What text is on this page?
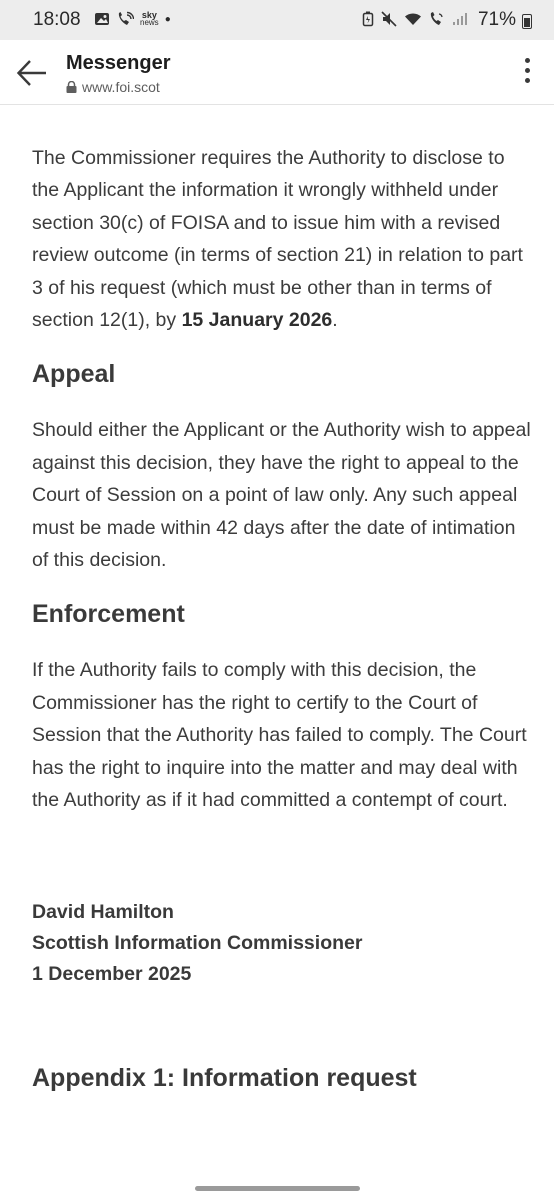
18:08	sky
news ●	71%
Messenger
www.foi.scot

The Commissioner requires the Authority to disclose to the Applicant the information it wrongly withheld under section 30(c) of FOISA and to issue him with a revised review outcome (in terms of section 21) in relation to part 3 of his request (which must be other than in terms of section 12(1), by 15 January 2026.

Appeal

Should either the Applicant or the Authority wish to appeal against this decision, they have the right to appeal to the Court of Session on a point of law only. Any such appeal must be made within 42 days after the date of intimation of this decision.

Enforcement

If the Authority fails to comply with this decision, the Commissioner has the right to certify to the Court of Session that the Authority has failed to comply. The Court has the right to inquire into the matter and may deal with the Authority as if it had committed a contempt of court.

David Hamilton
Scottish Information Commissioner
1 December 2025
Appendix 1: Information request
